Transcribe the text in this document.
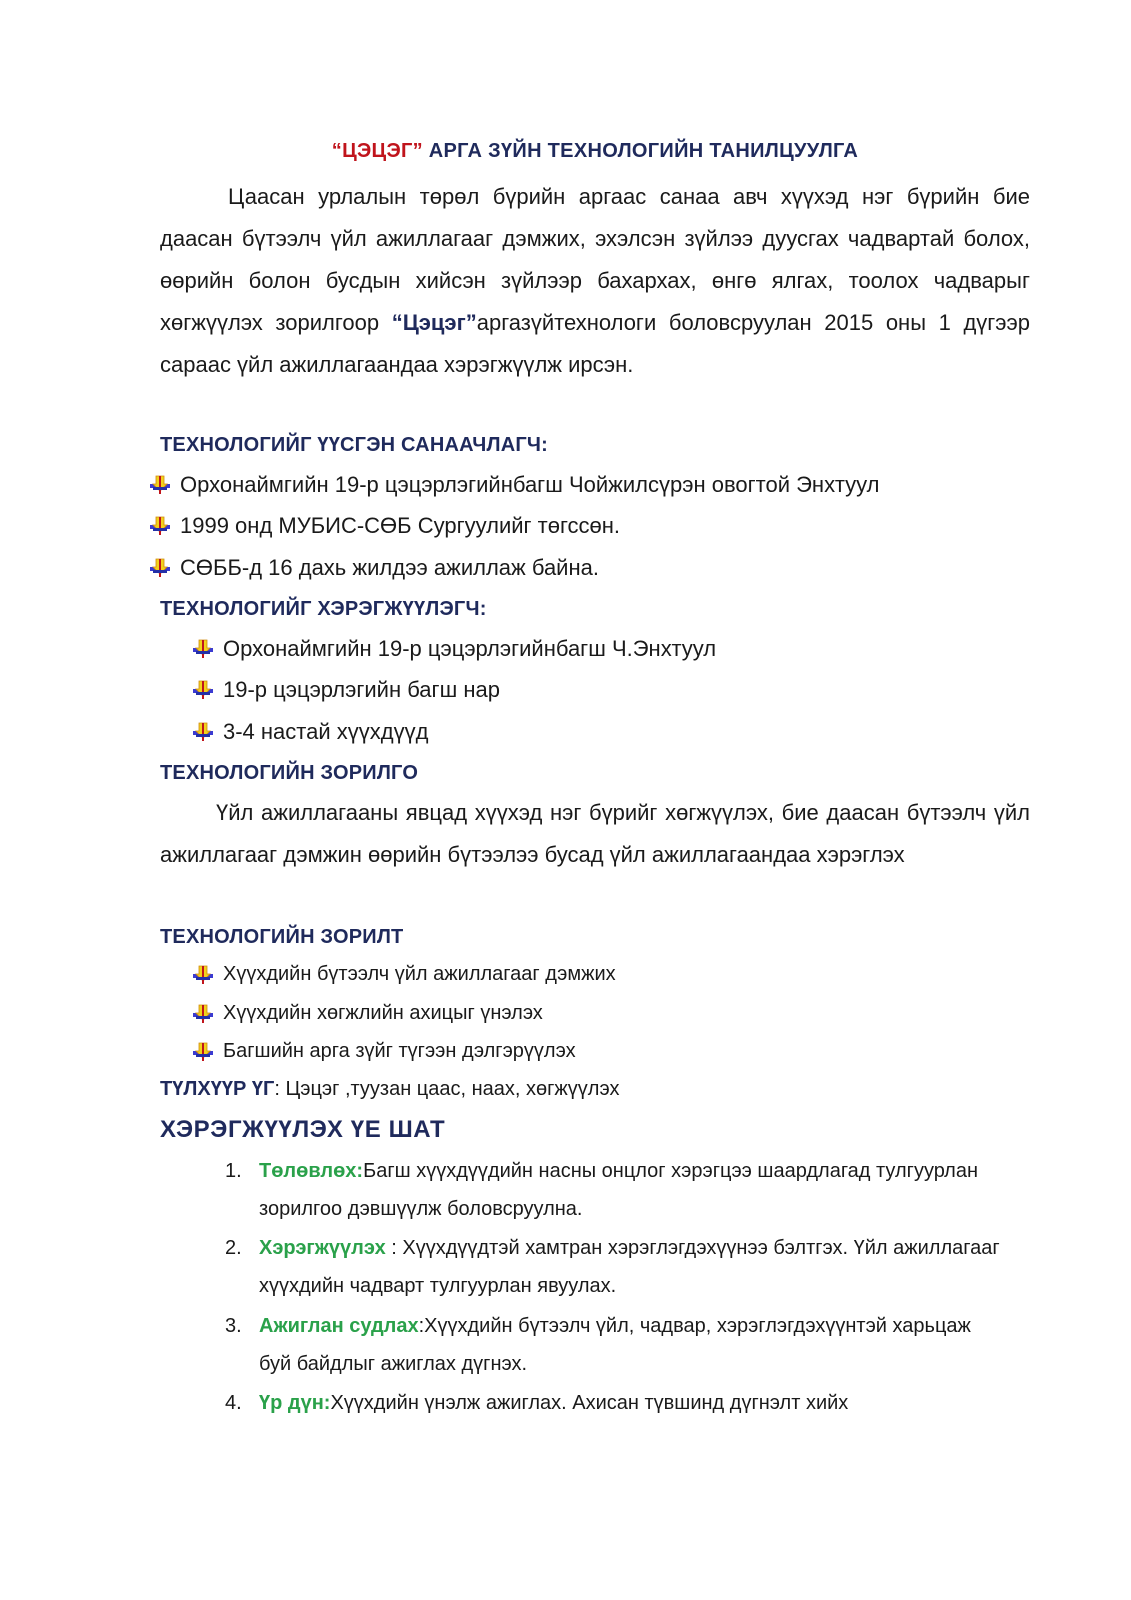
“ЦЭЦЭГ” АРГА ЗҮЙН ТЕХНОЛОГИЙН ТАНИЛЦУУЛГА
Цаасан урлалын төрөл бүрийн аргаас санаа авч хүүхэд нэг бүрийн бие даасан бүтээлч үйл ажиллагааг дэмжих, эхэлсэн зүйлээ дуусгах чадвартай болох, өөрийн болон бусдын хийсэн зүйлээр бахархах, өнгө ялгах, тоолох чадварыг хөгжүүлэх зорилгоор “Цэцэг”аргазүйтехнологи боловсруулан 2015 оны 1 дүгээр сараас үйл ажиллагаандаа хэрэгжүүлж ирсэн.
ТЕХНОЛОГИЙГ ҮҮСГЭН САНААЧЛАГЧ:
Орхонаймгийн 19-р цэцэрлэгийнбагш Чойжилсүрэн овогтой Энхтуул
1999 онд МУБИС-СӨБ Сургуулийг төгссөн.
СӨББ-д 16 дахь жилдээ ажиллаж байна.
ТЕХНОЛОГИЙГ ХЭРЭГЖҮҮЛЭГЧ:
Орхонаймгийн 19-р цэцэрлэгийнбагш Ч.Энхтуул
19-р цэцэрлэгийн багш нар
3-4 настай хүүхдүүд
ТЕХНОЛОГИЙН ЗОРИЛГО
Үйл ажиллагааны явцад хүүхэд нэг бүрийг хөгжүүлэх, бие даасан бүтээлч үйл ажиллагааг дэмжин өөрийн бүтээлээ бусад үйл ажиллагаандаа хэрэглэх
ТЕХНОЛОГИЙН ЗОРИЛТ
Хүүхдийн бүтээлч үйл ажиллагааг дэмжих
Хүүхдийн хөгжлийн ахицыг үнэлэх
Багшийн арга зүйг түгээн дэлгэрүүлэх
ТҮЛХҮҮР ҮГ: Цэцэг ,туузан цаас, наах, хөгжүүлэх
ХЭРЭГЖҮҮЛЭХ ҮЕ ШАТ
1. Төлөвлөх:Багш хүүхдүүдийн насны онцлог хэрэгцээ шаардлагад тулгуурлан зорилгоо дэвшүүлж боловсруулна.
2. Хэрэгжүүлэх : Хүүхдүүдтэй хамтран хэрэглэгдэхүүнээ бэлтгэх. Үйл ажиллагааг хүүхдийн чадварт тулгуурлан явуулах.
3. Ажиглан судлах:Хүүхдийн бүтээлч үйл, чадвар, хэрэглэгдэхүүнтэй харьцаж буй байдлыг ажиглах дүгнэх.
4. Үр дүн:Хүүхдийн үнэлж ажиглах. Ахисан түвшинд дүгнэлт хийх
